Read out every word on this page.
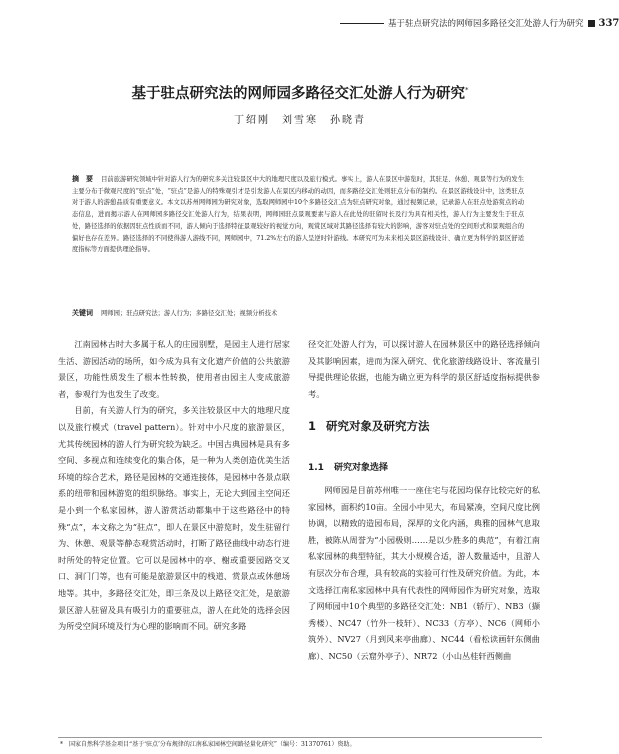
基于驻点研究法的网师园多路径交汇处游人行为研究 337
基于驻点研究法的网师园多路径交汇处游人行为研究*
丁绍刚　刘雪寒　孙晓青
摘　要 目前旅游研究领域中针对游人行为的研究多关注较景区中大的地理尺度以及旅行模式。事实上，游人在景区中游览时，其驻足、休憩、观景等行为的发生主要分布于微观尺度的“驻点”处，“驻点”是游人的特殊观引才是引发游人在景区内移动的动因，而多路径交汇处则驻点分布的制约。在景区游线设计中，这类驻点对于游人的游憩品质有重要意义。本文以苏州网师园为研究对象，选取网师园中10个多路径交汇点为驻点研究对象，通过视频记录，记录游人在驻点处游赏点的动态信息，进而揭示游人在网师园多路径交汇处游人行为，结果表明，网师园驻点景观要素与游人在此处的驻留时长及行为具有相关性，游人行为主要发生于驻点处，路径选择的依据因驻点性质而不同，游人倾向于选择特征景观较好的视觉方向，观赏区域对其路径选择有较大的影响，游客对驻点处的空间形式和景观组合的偏好也存在差异。路径选择的不同使得游人游线不同，网师园中，71.2%左右的游人呈逆时针游线。本研究可为未来相关景区游线设计、确立更为科学的景区舒适度指标等方面提供理论指导。
关键词 网师园；驻点研究法；游人行为；多路径交汇处；视频分析技术

江南园林古时大多属于私人的庄园别墅，是园主人进行居家生活、游园活动的场所，如今成为具有文化遗产价值的公共旅游景区，功能性质发生了根本性转换，使用者由园主人变成旅游者，参观行为也发生了改变。

目前，有关游人行为的研究，多关注较景区中大的地理尺度以及旅行模式（travel pattern）。针对中小尺度的旅游景区，尤其传统园林的游人行为研究较为缺乏。中国古典园林是具有多空间、多视点和连续变化的集合体，是一种为人类创造优美生活环境的综合艺术，路径是园林的交通连接体，是园林中各景点联系的纽带和园林游览的组织脉络。事实上，无论大到园主空间还是小到一个私家园林，游人游赏活动都集中于这些路径中的特殊“点”，本文称之为“驻点”，即人在景区中游览时，发生驻留行为、休憩、观景等静态观赏活动时，打断了路径曲线中动态行进时所处的特定位置。它可以是园林中的亭、榭或重要园路交叉口、洞门门等，也有可能是旅游景区中的栈道、赏景点或休憩场地等。其中，多路径交汇处，即三条及以上路径交汇处，是旅游景区游人驻留及具有吸引力的重要驻点，游人在此处的选择会因为所受空间环境及行为心理的影响而不同。研究多路

径交汇处游人行为，可以探讨游人在园林景区中的路径选择倾向及其影响因素，进而为深入研究、优化旅游线路设计、客流量引导提供理论依据，也能为确立更为科学的景区舒适度指标提供参考。

1 研究对象及研究方法
1.1 研究对象选择

网师园是目前苏州唯一一座住宅与花园均保存比较完好的私家园林，面积约10亩。全园小中见大，布局紧凑，空间尺度比例协调，以精致的造园布局，深厚的文化内涵，典雅的园林气息取胜，被陈从周誉为“小园极则……是以少胜多的典范”，有着江南私家园林的典型特征，其大小规模合适，游人数量适中，且游人有层次分布合理，具有较高的实验可行性及研究价值。为此，本文选择江南私家园林中具有代表性的网师园作为研究对象，选取了网师园中10个典型的多路径交汇处：NB1（轿厅）、NB3（撷秀楼）、NC47（竹外一枝轩）、NC33（方亭）、NC6（网师小筑外）、NV27（月到风来亭曲廊）、NC44（看松读画轩东侧曲廊）、NC50（云窟外亭子）、NR72（小山丛桂轩西侧曲

*　 国家自然科学基金项目“基于‘驻点’分布规律的江南私家园林空间路径量化研究”（编号：31370761）资助。
